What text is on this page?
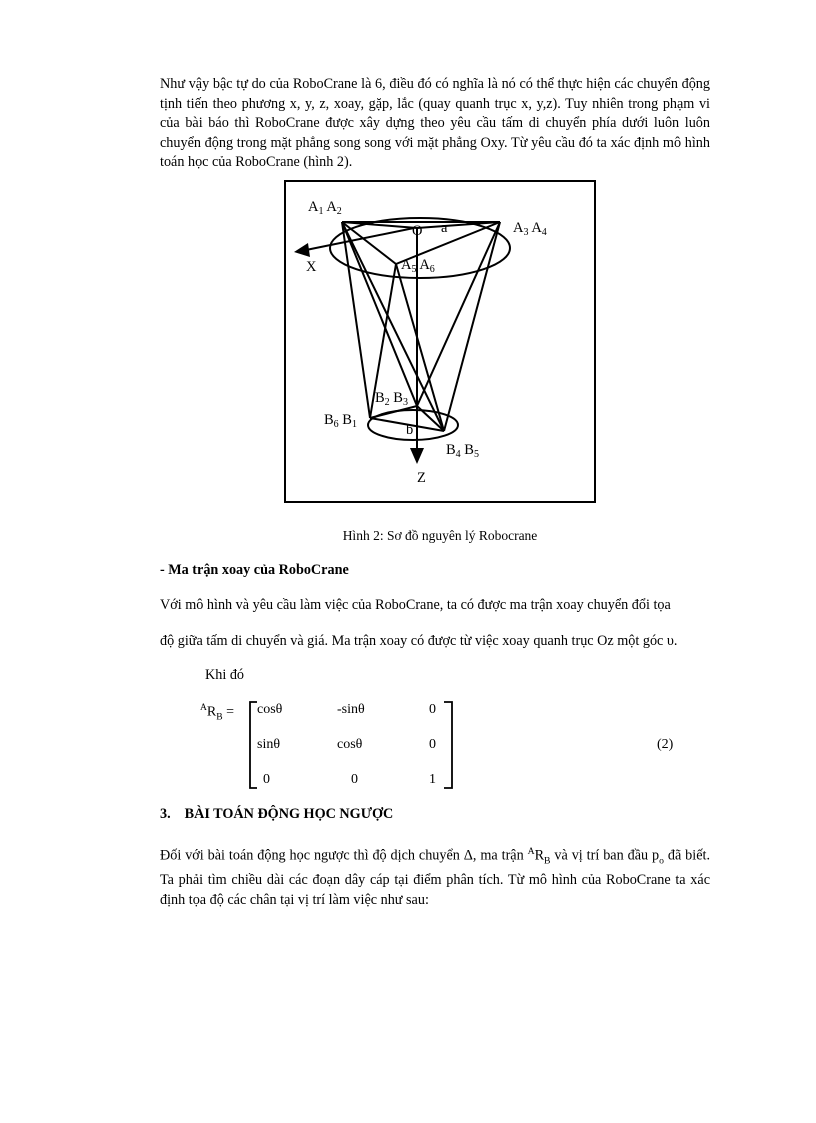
Như vậy bậc tự do của RoboCrane là 6, điều đó có nghĩa là nó có thể thực hiện các chuyển động tịnh tiến theo phương x, y, z, xoay, gặp, lắc (quay quanh trục x, y,z). Tuy nhiên trong phạm vi của bài báo thì RoboCrane được xây dựng theo yêu cầu tấm di chuyển phía dưới luôn luôn chuyển động trong mặt phẳng song song với mặt phẳng Oxy. Từ yêu cầu đó ta xác định mô hình toán học của RoboCrane (hình 2).
$A_1$ $A_2$
O a	$A_3$ $A_4$
X	$A_5$ $A_6$
$B_2$ $B_3$
$B_6$ $B_1$	b
$B_4$ $B_5$
Z
Hình 2: Sơ đồ nguyên lý Robocrane
- Ma trận xoay của RoboCrane
Với mô hình và yêu cầu làm việc của RoboCrane, ta có được ma trận xoay chuyển đổi tọa
độ giữa tấm di chuyển và giá. Ma trận xoay có được từ việc xoay quanh trục Oz một góc υ.
Khi đó
$^AR_B = \cos\theta$	-sinθ	0
sinθ	cosθ	0
0	0	1
(2)
3. BÀI TOÁN ĐỘNG HỌC NGƯỢC
Đối với bài toán động học ngược thì độ dịch chuyển Δ, ma trận $^AR_B$ và vị trí ban đầu $p_o$ đã biết. Ta phải tìm chiều dài các đoạn dây cáp tại điểm phân tích. Từ mô hình của RoboCrane ta xác định tọa độ các chân tại vị trí làm việc như sau:
